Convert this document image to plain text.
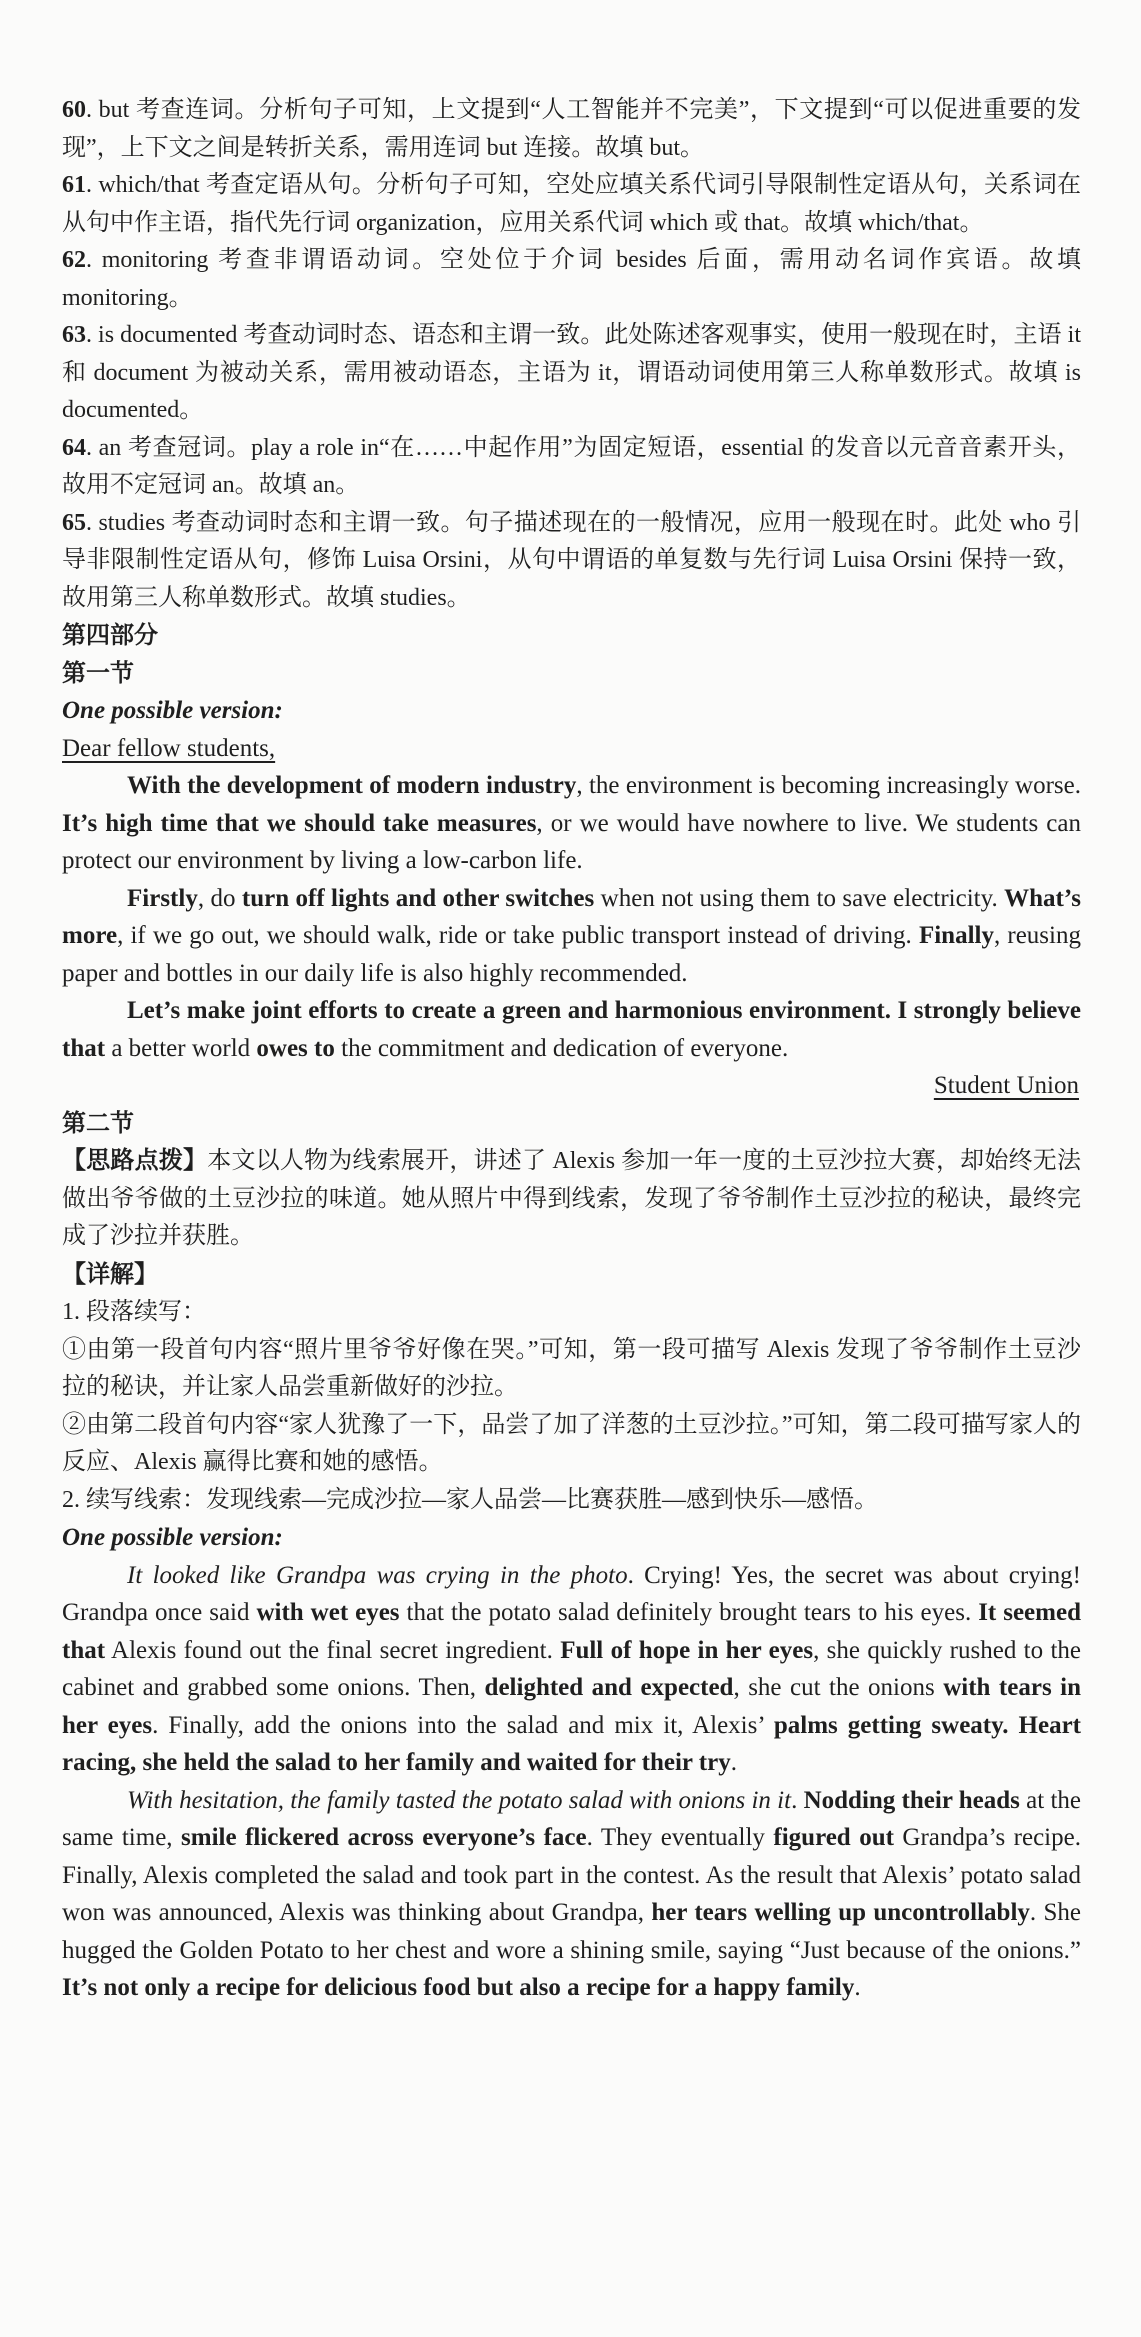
60. but 考查连词。分析句子可知，上文提到“人工智能并不完美”，下文提到“可以促进重要的发现”，上下文之间是转折关系，需用连词 but 连接。故填 but。

61. which/that 考查定语从句。分析句子可知，空处应填关系代词引导限制性定语从句，关系词在从句中作主语，指代先行词 organization，应用关系代词 which 或 that。故填 which/that。

62. monitoring 考查非谓语动词。空处位于介词 besides 后面，需用动名词作宾语。故填 monitoring。

63. is documented 考查动词时态、语态和主谓一致。此处陈述客观事实，使用一般现在时，主语 it 和 document 为被动关系，需用被动语态，主语为 it，谓语动词使用第三人称单数形式。故填 is documented。

64. an 考查冠词。play a role in“在……中起作用”为固定短语，essential 的发音以元音音素开头，故用不定冠词 an。故填 an。

65. studies 考查动词时态和主谓一致。句子描述现在的一般情况，应用一般现在时。此处 who 引导非限制性定语从句，修饰 Luisa Orsini，从句中谓语的单复数与先行词 Luisa Orsini 保持一致，故用第三人称单数形式。故填 studies。

第四部分

第一节

One possible version:

Dear fellow students,

With the development of modern industry, the environment is becoming increasingly worse. It’s high time that we should take measures, or we would have nowhere to live. We students can protect our environment by living a low-carbon life.

Firstly, do turn off lights and other switches when not using them to save electricity. What’s more, if we go out, we should walk, ride or take public transport instead of driving. Finally, reusing paper and bottles in our daily life is also highly recommended.

Let’s make joint efforts to create a green and harmonious environment. I strongly believe that a better world owes to the commitment and dedication of everyone.

Student Union

第二节

【思路点拨】本文以人物为线索展开，讲述了 Alexis 参加一年一度的土豆沙拉大赛，却始终无法做出爷爷做的土豆沙拉的味道。她从照片中得到线索，发现了爷爷制作土豆沙拉的秘诀，最终完成了沙拉并获胜。

【详解】

1. 段落续写：

①由第一段首句内容“照片里爷爷好像在哭。”可知，第一段可描写 Alexis 发现了爷爷制作土豆沙拉的秘诀，并让家人品尝重新做好的沙拉。

②由第二段首句内容“家人犹豫了一下，品尝了加了洋葱的土豆沙拉。”可知，第二段可描写家人的反应、Alexis 赢得比赛和她的感悟。

2. 续写线索：发现线索—完成沙拉—家人品尝—比赛获胜—感到快乐—感悟。

One possible version:

It looked like Grandpa was crying in the photo. Crying! Yes, the secret was about crying! Grandpa once said with wet eyes that the potato salad definitely brought tears to his eyes. It seemed that Alexis found out the final secret ingredient. Full of hope in her eyes, she quickly rushed to the cabinet and grabbed some onions. Then, delighted and expected, she cut the onions with tears in her eyes. Finally, add the onions into the salad and mix it, Alexis’ palms getting sweaty. Heart racing, she held the salad to her family and waited for their try.

With hesitation, the family tasted the potato salad with onions in it. Nodding their heads at the same time, smile flickered across everyone’s face. They eventually figured out Grandpa’s recipe. Finally, Alexis completed the salad and took part in the contest. As the result that Alexis’ potato salad won was announced, Alexis was thinking about Grandpa, her tears welling up uncontrollably. She hugged the Golden Potato to her chest and wore a shining smile, saying “Just because of the onions.” It’s not only a recipe for delicious food but also a recipe for a happy family.
